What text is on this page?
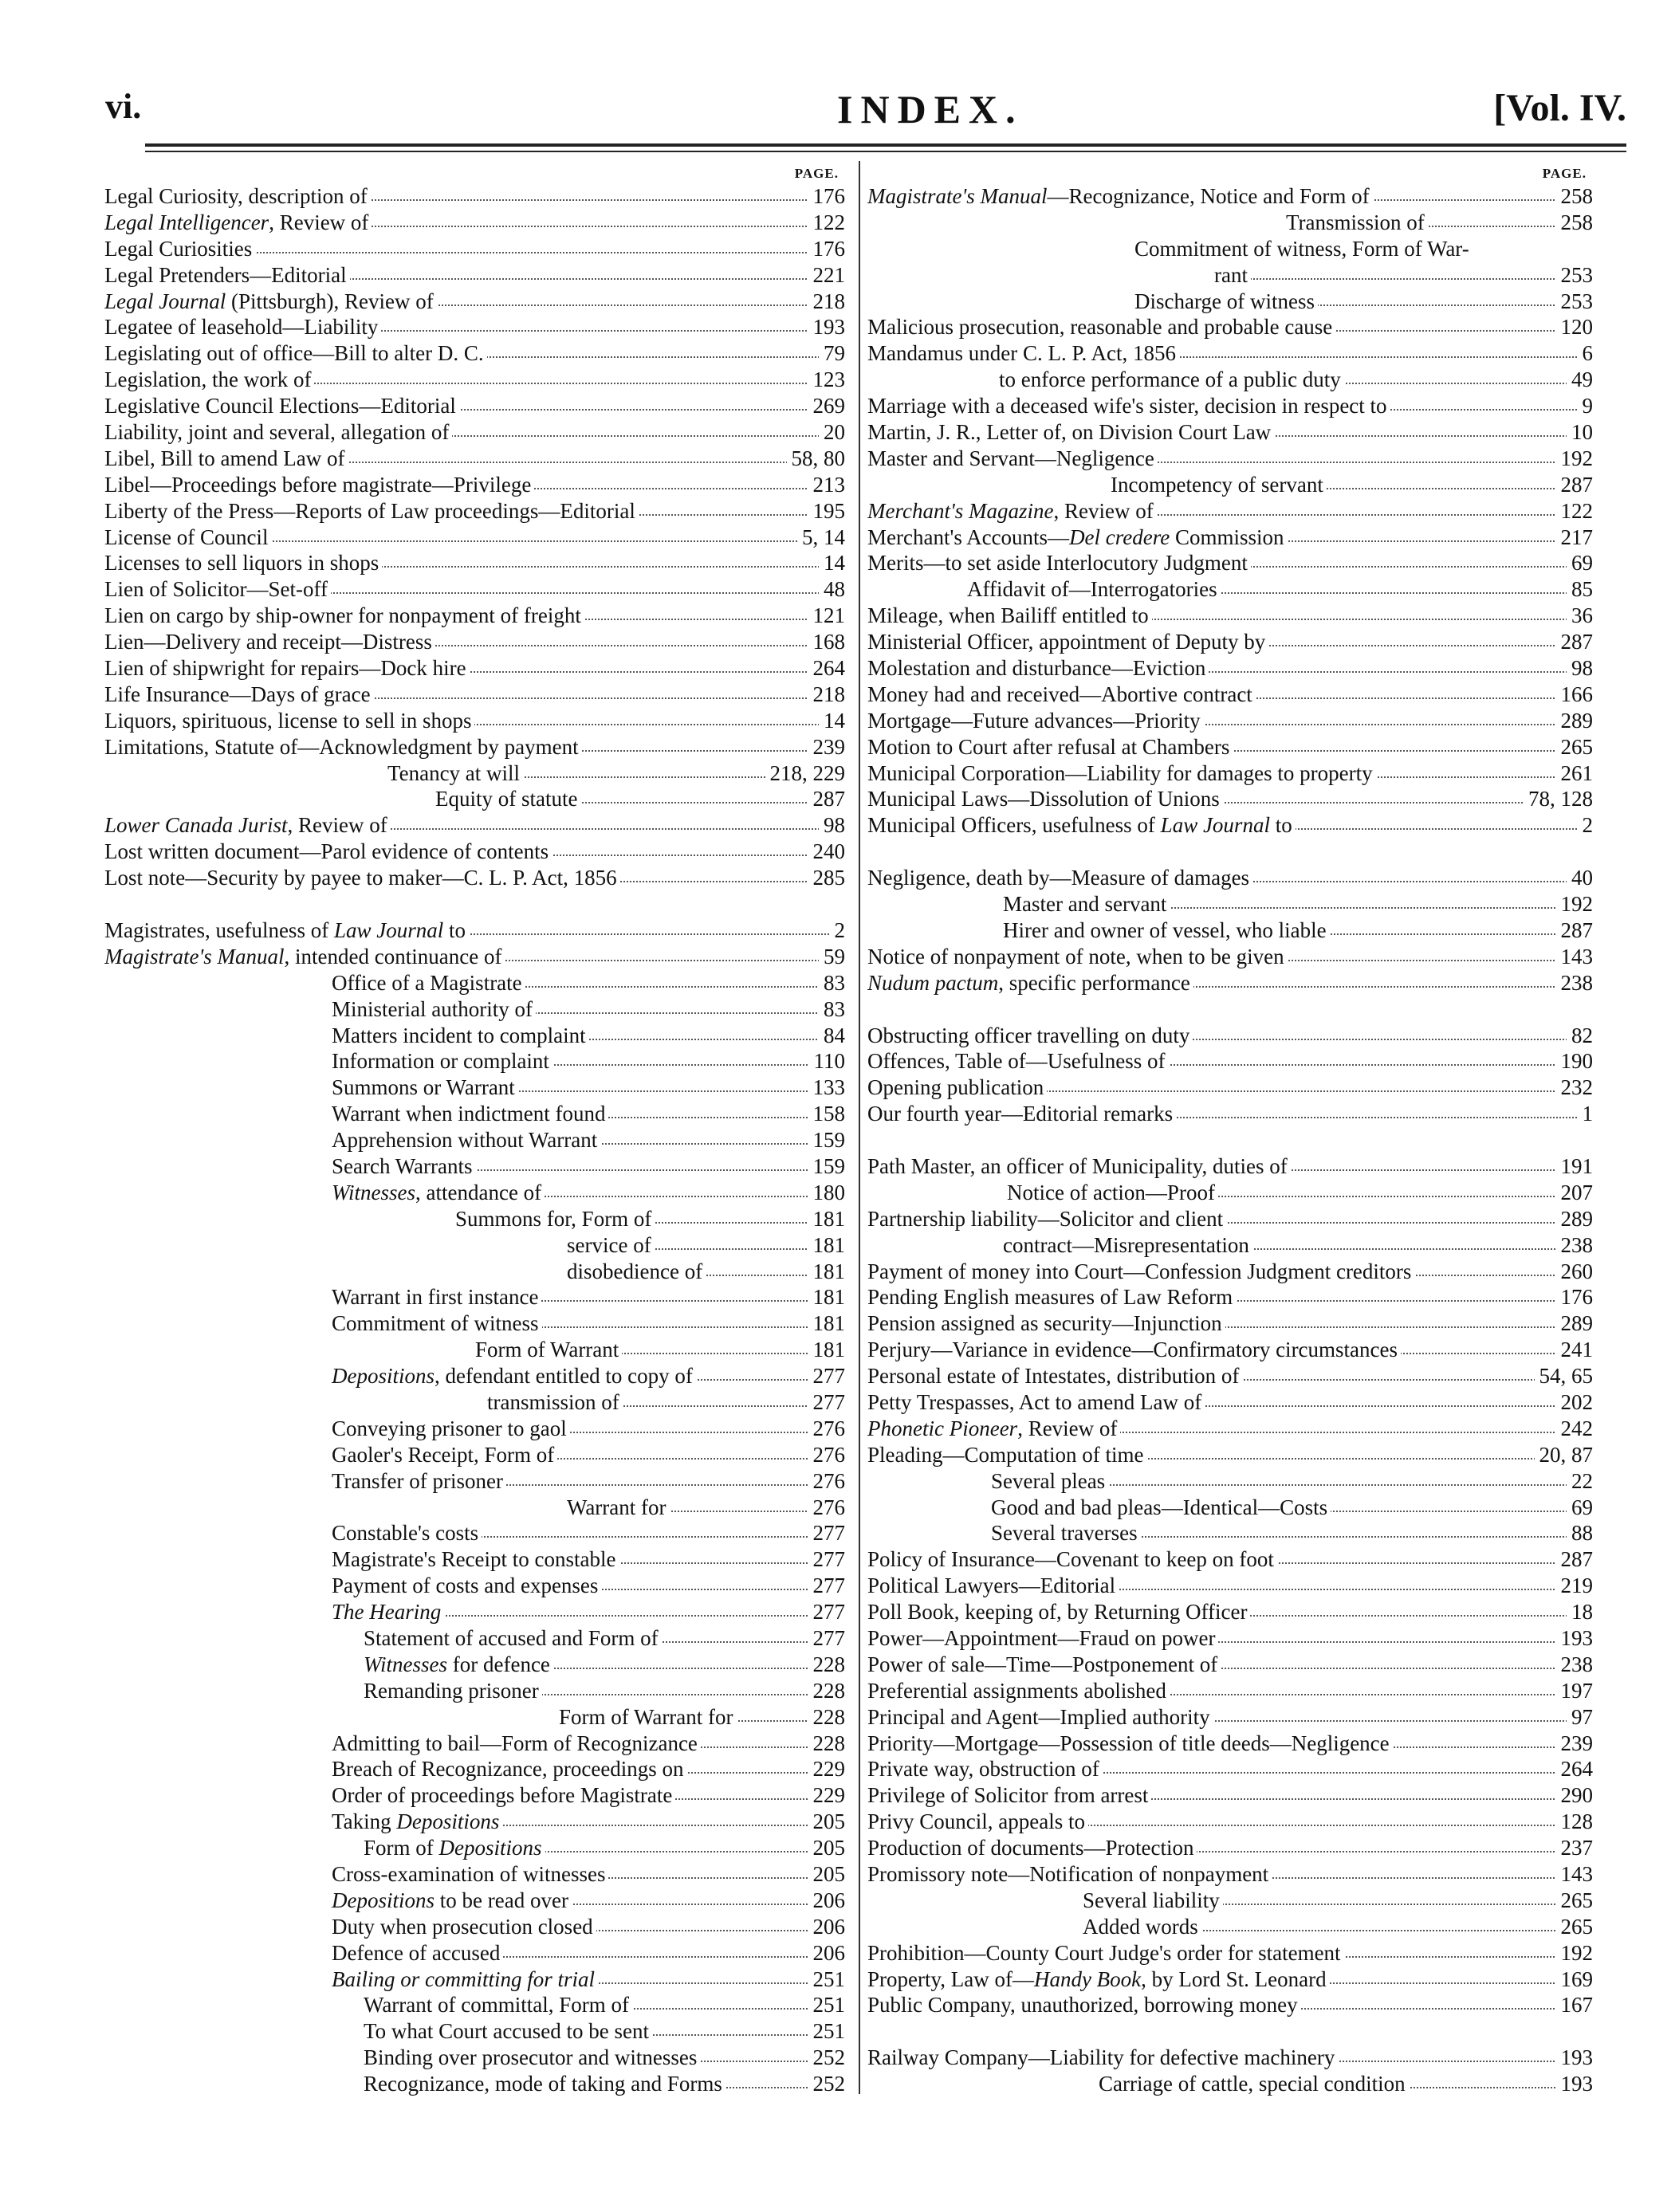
vi.	INDEX.	[Vol. IV.
PAGE.
Legal Curiosity, description of	176
Legal Intelligencer, Review of	122
Legal Curiosities	176
Legal Pretenders—Editorial	221
Legal Journal (Pittsburgh), Review of	218
Legatee of leasehold—Liability	193
Legislating out of office—Bill to alter D. C.	79
Legislation, the work of	123
Legislative Council Elections—Editorial	269
Liability, joint and several, allegation of	20
Libel, Bill to amend Law of	58, 80
Libel—Proceedings before magistrate—Privilege	213
Liberty of the Press—Reports of Law proceedings—Editorial	195
License of Council	5, 14
Licenses to sell liquors in shops	14
Lien of Solicitor—Set-off	48
Lien on cargo by ship-owner for nonpayment of freight	121
Lien—Delivery and receipt—Distress	168
Lien of shipwright for repairs—Dock hire	264
Life Insurance—Days of grace	218
Liquors, spirituous, license to sell in shops	14
Limitations, Statute of—Acknowledgment by payment	239
Tenancy at will	218, 229
Equity of statute	287
Lower Canada Jurist, Review of	98
Lost written document—Parol evidence of contents	240
Lost note—Security by payee to maker—C. L. P. Act, 1856	285
Magistrates, usefulness of Law Journal to	2
Magistrate's Manual, intended continuance of	59
Office of a Magistrate	83
Ministerial authority of	83
Matters incident to complaint	84
Information or complaint	110
Summons or Warrant	133
Warrant when indictment found	158
Apprehension without Warrant	159
Search Warrants	159
Witnesses, attendance of	180
Summons for, Form of	181
service of	181
disobedience of	181
Warrant in first instance	181
Commitment of witness	181
Form of Warrant	181
Depositions, defendant entitled to copy of	277
transmission of	277
Conveying prisoner to gaol	276
Gaoler's Receipt, Form of	276
Transfer of prisoner	276
Warrant for	276
Constable's costs	277
Magistrate's Receipt to constable	277
Payment of costs and expenses	277
The Hearing	277
Statement of accused and Form of	277
Witnesses for defence	228
Remanding prisoner	228
Form of Warrant for	228
Admitting to bail—Form of Recognizance	228
Breach of Recognizance, proceedings on	229
Order of proceedings before Magistrate	229
Taking Depositions	205
Form of Depositions	205
Cross-examination of witnesses	205
Depositions to be read over	206
Duty when prosecution closed	206
Defence of accused	206
Bailing or committing for trial	251
Warrant of committal, Form of	251
To what Court accused to be sent	251
Binding over prosecutor and witnesses	252
Recognizance, mode of taking and Forms	252
PAGE.
Magistrate's Manual—Recognizance, Notice and Form of	258
Transmission of	258
Commitment of witness, Form of War-
rant	253
Discharge of witness	253
Malicious prosecution, reasonable and probable cause	120
Mandamus under C. L. P. Act, 1856	6
to enforce performance of a public duty	49
Marriage with a deceased wife's sister, decision in respect to	9
Martin, J. R., Letter of, on Division Court Law	10
Master and Servant—Negligence	192
Incompetency of servant	287
Merchant's Magazine, Review of	122
Merchant's Accounts—Del credere Commission	217
Merits—to set aside Interlocutory Judgment	69
Affidavit of—Interrogatories	85
Mileage, when Bailiff entitled to	36
Ministerial Officer, appointment of Deputy by	287
Molestation and disturbance—Eviction	98
Money had and received—Abortive contract	166
Mortgage—Future advances—Priority	289
Motion to Court after refusal at Chambers	265
Municipal Corporation—Liability for damages to property	261
Municipal Laws—Dissolution of Unions	78, 128
Municipal Officers, usefulness of Law Journal to	2
Negligence, death by—Measure of damages	40
Master and servant	192
Hirer and owner of vessel, who liable	287
Notice of nonpayment of note, when to be given	143
Nudum pactum, specific performance	238
Obstructing officer travelling on duty	82
Offences, Table of—Usefulness of	190
Opening publication	232
Our fourth year—Editorial remarks	1
Path Master, an officer of Municipality, duties of	191
Notice of action—Proof	207
Partnership liability—Solicitor and client	289
contract—Misrepresentation	238
Payment of money into Court—Confession Judgment creditors	260
Pending English measures of Law Reform	176
Pension assigned as security—Injunction	289
Perjury—Variance in evidence—Confirmatory circumstances	241
Personal estate of Intestates, distribution of	54, 65
Petty Trespasses, Act to amend Law of	202
Phonetic Pioneer, Review of	242
Pleading—Computation of time	20, 87
Several pleas	22
Good and bad pleas—Identical—Costs	69
Several traverses	88
Policy of Insurance—Covenant to keep on foot	287
Political Lawyers—Editorial	219
Poll Book, keeping of, by Returning Officer	18
Power—Appointment—Fraud on power	193
Power of sale—Time—Postponement of	238
Preferential assignments abolished	197
Principal and Agent—Implied authority	97
Priority—Mortgage—Possession of title deeds—Negligence	239
Private way, obstruction of	264
Privilege of Solicitor from arrest	290
Privy Council, appeals to	128
Production of documents—Protection	237
Promissory note—Notification of nonpayment	143
Several liability	265
Added words	265
Prohibition—County Court Judge's order for statement	192
Property, Law of—Handy Book, by Lord St. Leonard	169
Public Company, unauthorized, borrowing money	167
Railway Company—Liability for defective machinery	193
Carriage of cattle, special condition	193
